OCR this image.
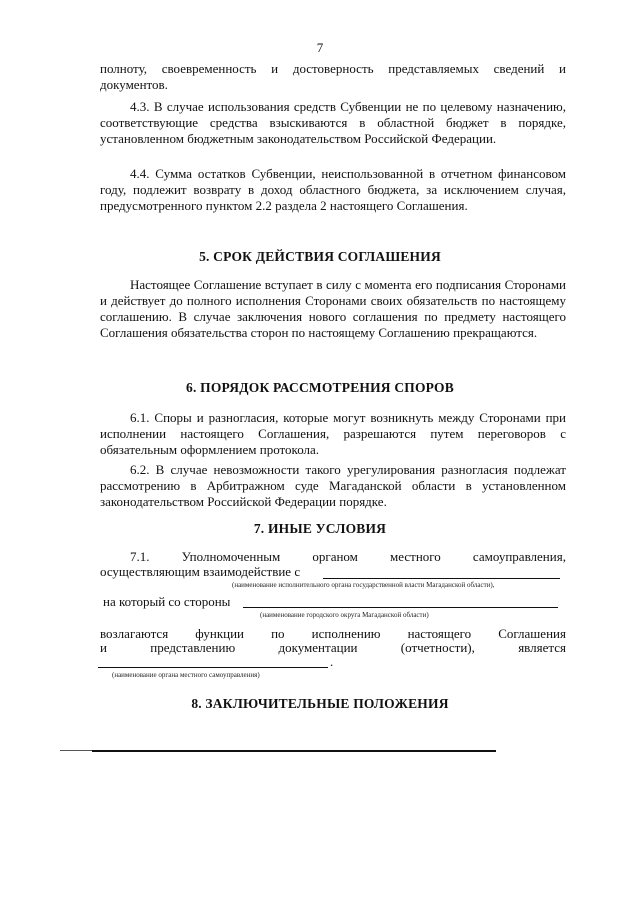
7

полноту, своевременность и достоверность представляемых сведений и документов.

4.3. В случае использования средств Субвенции не по целевому назначению, соответствующие средства взыскиваются в областной бюджет в порядке, установленном бюджетным законодательством Российской Федерации.

4.4. Сумма остатков Субвенции, неиспользованной в отчетном финансовом году, подлежит возврату в доход областного бюджета, за исключением случая, предусмотренного пунктом 2.2 раздела 2 настоящего Соглашения.

5. СРОК ДЕЙСТВИЯ СОГЛАШЕНИЯ

Настоящее Соглашение вступает в силу с момента его подписания Сторонами и действует до полного исполнения Сторонами своих обязательств по настоящему соглашению. В случае заключения нового соглашения по предмету настоящего Соглашения обязательства сторон по настоящему Соглашению прекращаются.

6. ПОРЯДОК РАССМОТРЕНИЯ СПОРОВ

6.1. Споры и разногласия, которые могут возникнуть между Сторонами при исполнении настоящего Соглашения, разрешаются путем переговоров с обязательным оформлением протокола.

6.2. В случае невозможности такого урегулирования разногласия подлежат рассмотрению в Арбитражном суде Магаданской области в установленном законодательством Российской Федерации порядке.

7. ИНЫЕ УСЛОВИЯ
7.1. Уполномоченным органом местного самоуправления,
осуществляющим взаимодействие с
(наименование исполнительного органа государственной власти Магаданской области),
на который со стороны
(наименование городского округа Магаданской области)
возлагаются функции по исполнению настоящего Соглашения
и	представлению	документации	(отчетности),	является
.
(наименование органа местного самоуправления)
8. ЗАКЛЮЧИТЕЛЬНЫЕ ПОЛОЖЕНИЯ
